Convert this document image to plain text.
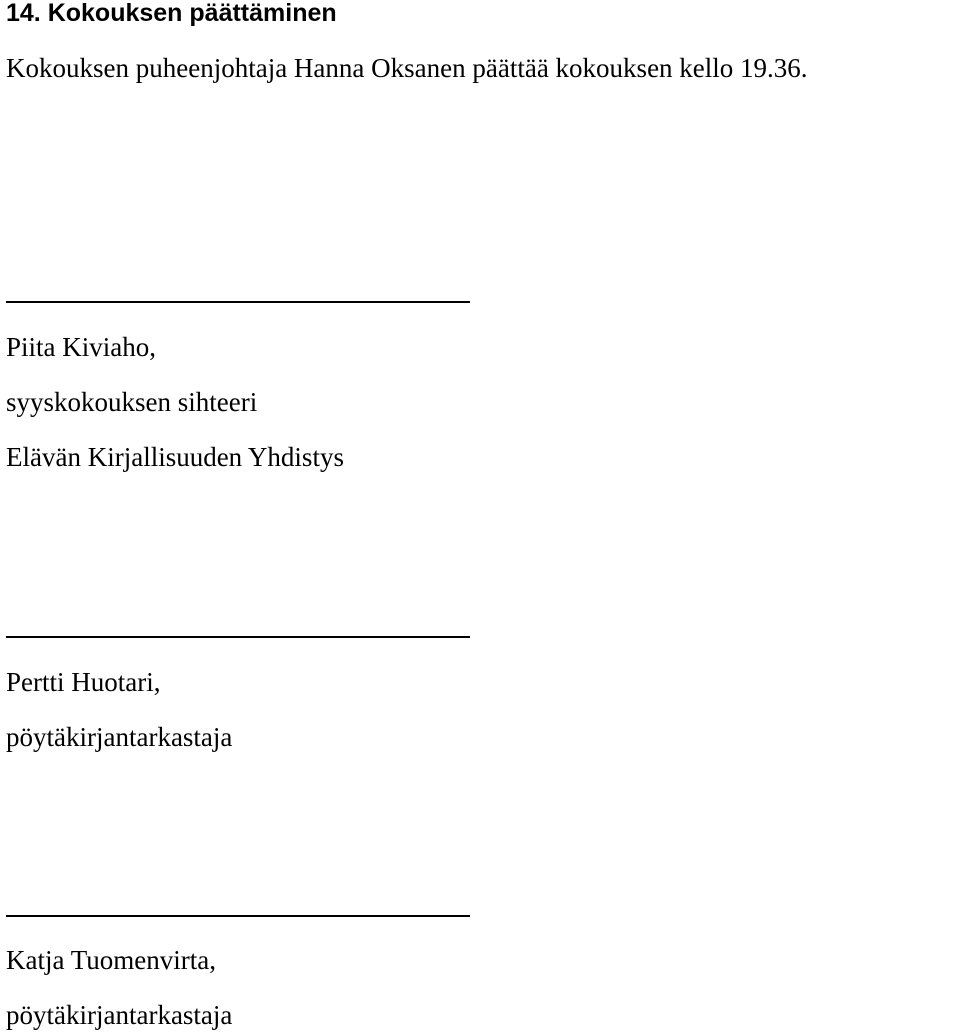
14. Kokouksen päättäminen
Kokouksen puheenjohtaja Hanna Oksanen päättää kokouksen kello 19.36.
Piita Kiviaho,
syyskokouksen sihteeri
Elävän Kirjallisuuden Yhdistys
Pertti Huotari,
pöytäkirjantarkastaja
Katja Tuomenvirta,
pöytäkirjantarkastaja
